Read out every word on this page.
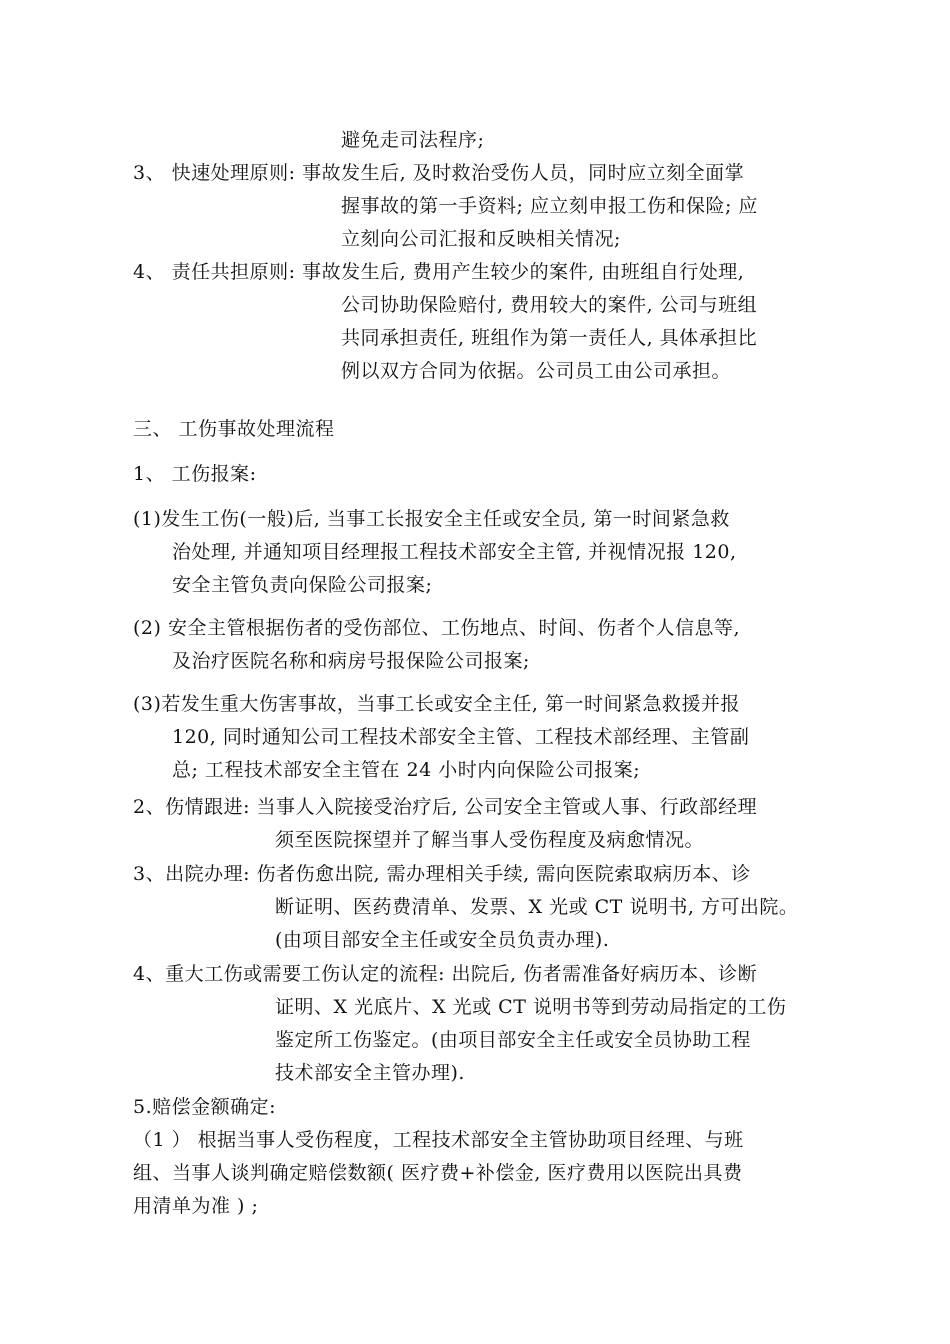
避免走司法程序;
3、 快速处理原则: 事故发生后, 及时救治受伤人员，同时应立刻全面掌
握事故的第一手资料; 应立刻申报工伤和保险; 应
立刻向公司汇报和反映相关情况;
4、 责任共担原则: 事故发生后, 费用产生较少的案件, 由班组自行处理,
公司协助保险赔付, 费用较大的案件, 公司与班组
共同承担责任, 班组作为第一责任人, 具体承担比
例以双方合同为依据。公司员工由公司承担。
三、 工伤事故处理流程
1、 工伤报案:
(1)发生工伤(一般)后, 当事工长报安全主任或安全员, 第一时间紧急救
治处理, 并通知项目经理报工程技术部安全主管, 并视情况报 120,
安全主管负责向保险公司报案;
(2) 安全主管根据伤者的受伤部位、工伤地点、时间、伤者个人信息等,
及治疗医院名称和病房号报保险公司报案;
(3)若发生重大伤害事故，当事工长或安全主任, 第一时间紧急救援并报
120, 同时通知公司工程技术部安全主管、工程技术部经理、主管副
总; 工程技术部安全主管在 24 小时内向保险公司报案;
2、伤情跟进: 当事人入院接受治疗后, 公司安全主管或人事、行政部经理
须至医院探望并了解当事人受伤程度及病愈情况。
3、出院办理: 伤者伤愈出院, 需办理相关手续, 需向医院索取病历本、诊
断证明、医药费清单、发票、X 光或 CT 说明书, 方可出院。
(由项目部安全主任或安全员负责办理).
4、重大工伤或需要工伤认定的流程: 出院后, 伤者需准备好病历本、诊断
证明、X 光底片、X 光或 CT 说明书等到劳动局指定的工伤
鉴定所工伤鉴定。(由项目部安全主任或安全员协助工程
技术部安全主管办理).
5.赔偿金额确定:
（1 ） 根据当事人受伤程度，工程技术部安全主管协助项目经理、与班
组、当事人谈判确定赔偿数额( 医疗费+补偿金, 医疗费用以医院出具费
用清单为准 ) ;
